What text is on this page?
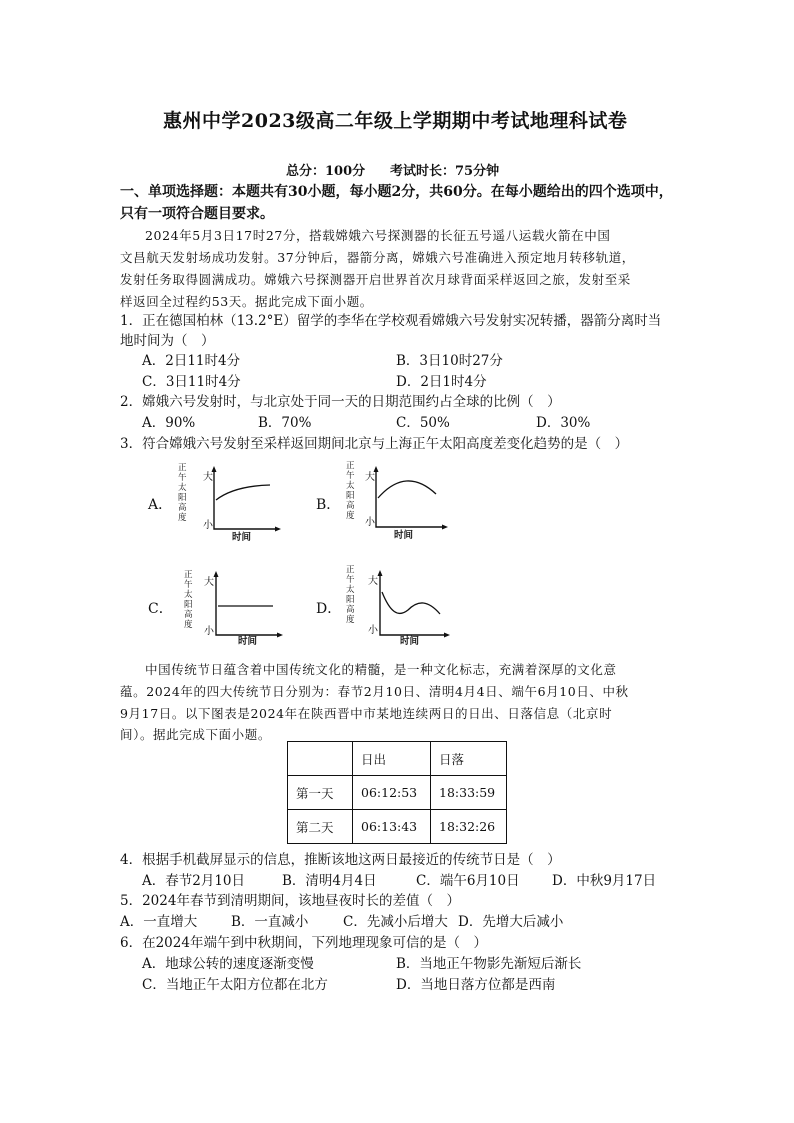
惠州中学2023级高二年级上学期期中考试地理科试卷
总分：100分 考试时长：75分钟
一、单项选择题：本题共有30小题，每小题2分，共60分。在每小题给出的四个选项中，
只有一项符合题目要求。
2024年5月3日17时27分，搭载嫦娥六号探测器的长征五号遥八运载火箭在中国
文昌航天发射场成功发射。37分钟后，器箭分离，嫦娥六号准确进入预定地月转移轨道，
发射任务取得圆满成功。嫦娥六号探测器开启世界首次月球背面采样返回之旅，发射至采
样返回全过程约53天。据此完成下面小题。
1．正在德国柏林（13.2°E）留学的李华在学校观看嫦娥六号发射实况转播，器箭分离时当
地时间为（　）
A．2日11时4分	B．3日10时27分
C．3日11时4分	D．2日1时4分
2．嫦娥六号发射时，与北京处于同一天的日期范围约占全球的比例（　）
A．90%	B．70%	C．50%	D．30%
3．符合嫦娥六号发射至采样返回期间北京与上海正午太阳高度差变化趋势的是（　）
A．	B．
C．	D．
正
午
太
阳
高
度
大
小
时间
正
午
太
阳
高
度
大
小
时间
正
午
太
阳
高
度
大
小
时间
正
午
太
阳
高
度
大
小
时间
中国传统节日蕴含着中国传统文化的精髓，是一种文化标志，充满着深厚的文化意
蕴。2024年的四大传统节日分别为：春节2月10日、清明4月4日、端午6月10日、中秋
9月17日。以下图表是2024年在陕西晋中市某地连续两日的日出、日落信息（北京时
间）。据此完成下面小题。
	日出	日落
第一天	06:12:53	18:33:59
第二天	06:13:43	18:32:26
4．根据手机截屏显示的信息，推断该地这两日最接近的传统节日是（　）
A．春节2月10日	B．清明4月4日	C．端午6月10日 D．中秋9月17日
5．2024年春节到清明期间，该地昼夜时长的差值（　）
A．一直增大	B．一直减小	C．先减小后增大 D．先增大后减小
6．在2024年端午到中秋期间，下列地理现象可信的是（　）
A．地球公转的速度逐渐变慢	B．当地正午物影先渐短后渐长
C．当地正午太阳方位都在北方	D．当地日落方位都是西南
